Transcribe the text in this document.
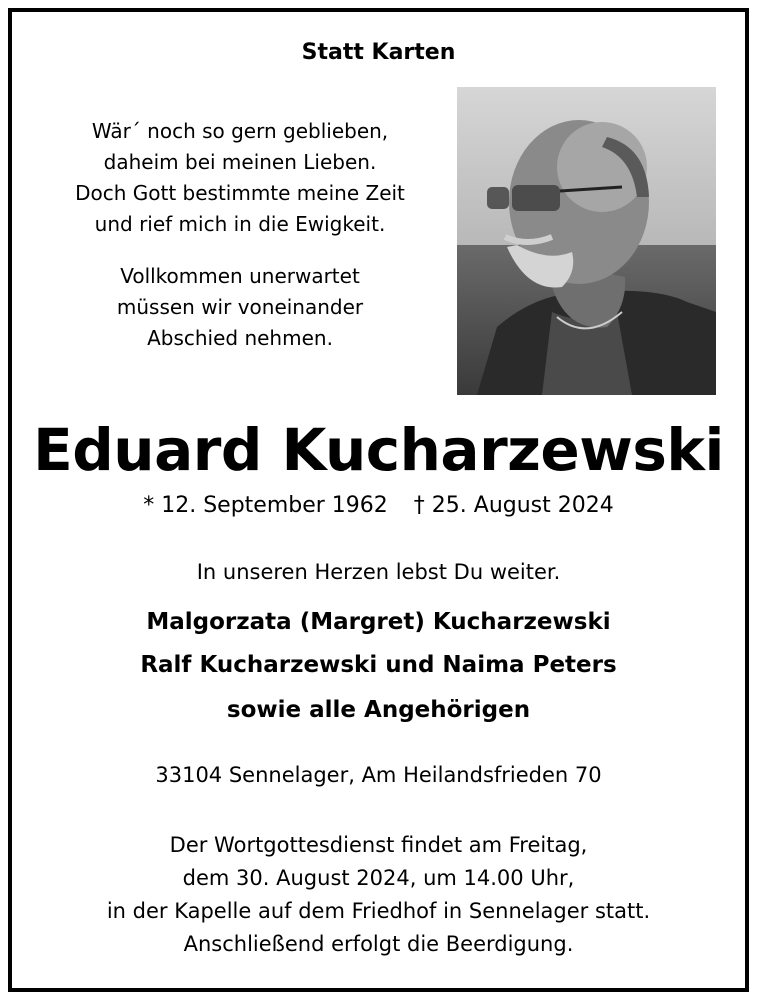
Statt Karten
Wär´ noch so gern geblieben,
daheim bei meinen Lieben.
Doch Gott bestimmte meine Zeit
und rief mich in die Ewigkeit.
Vollkommen unerwartet
müssen wir voneinander
Abschied nehmen.
Eduard Kucharzewski
* 12. September 1962 † 25. August 2024
In unseren Herzen lebst Du weiter.
Malgorzata (Margret) Kucharzewski
Ralf Kucharzewski und Naima Peters
sowie alle Angehörigen
33104 Sennelager, Am Heilandsfrieden 70
Der Wortgottesdienst findet am Freitag,
dem 30. August 2024, um 14.00 Uhr,
in der Kapelle auf dem Friedhof in Sennelager statt.
Anschließend erfolgt die Beerdigung.
